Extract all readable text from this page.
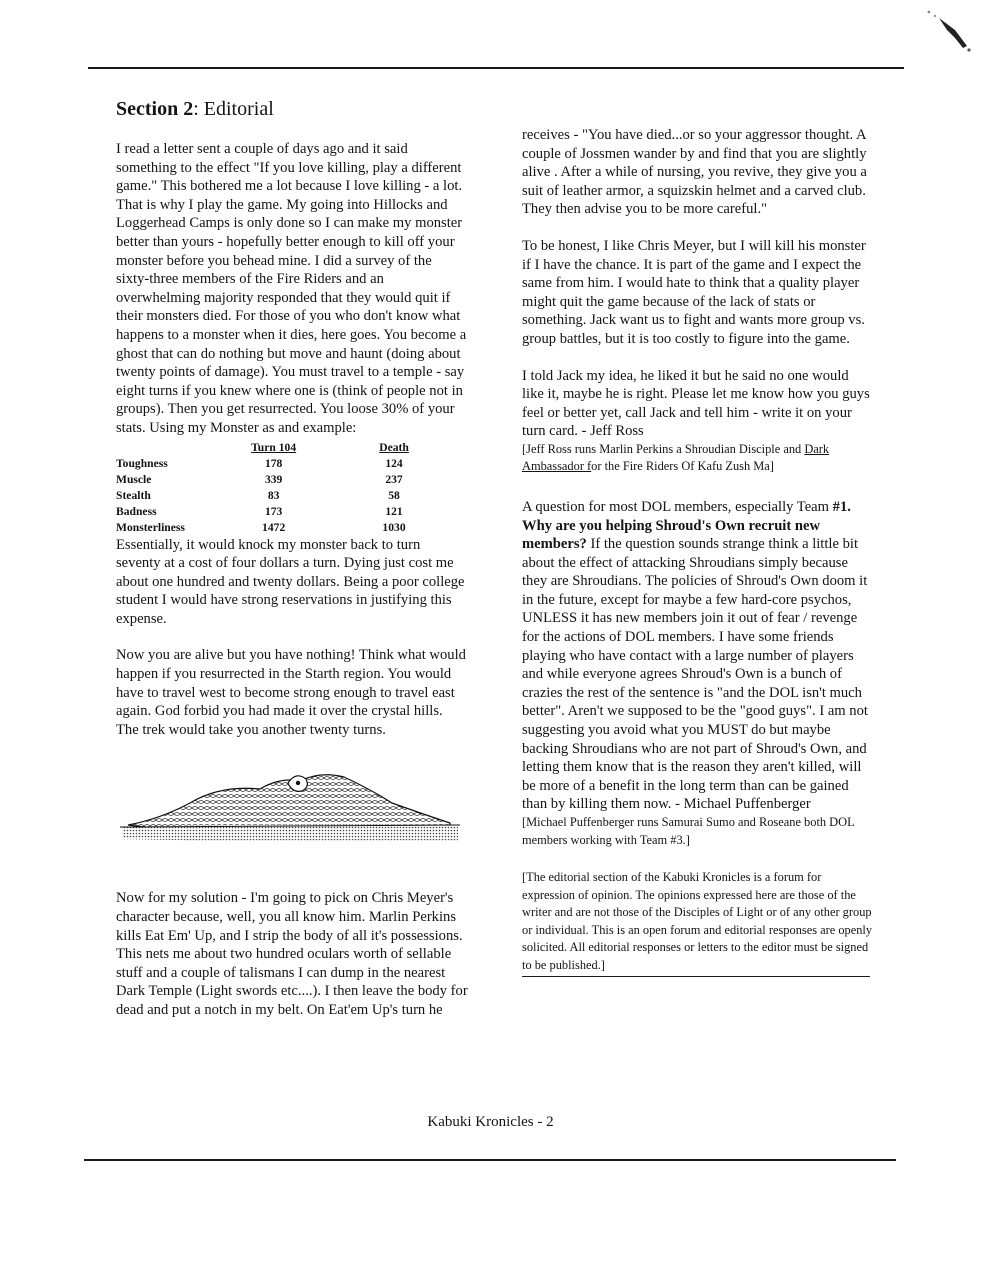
Section 2: Editorial

I read a letter sent a couple of days ago and it said something to the effect "If you love killing, play a different game." This bothered me a lot because I love killing - a lot. That is why I play the game. My going into Hillocks and Loggerhead Camps is only done so I can make my monster better than yours - hopefully better enough to kill off your monster before you behead mine. I did a survey of the sixty-three members of the Fire Riders and an overwhelming majority responded that they would quit if their monsters died. For those of you who don't know what happens to a monster when it dies, here goes. You become a ghost that can do nothing but move and haunt (doing about twenty points of damage). You must travel to a temple - say eight turns if you knew where one is (think of people not in groups). Then you get resurrected. You loose 30% of your stats. Using my Monster as and example:

	Turn 104	Death
Toughness	178	124
Muscle	339	237
Stealth	83	58
Badness	173	121
Monsterliness	1472	1030

Essentially, it would knock my monster back to turn seventy at a cost of four dollars a turn. Dying just cost me about one hundred and twenty dollars. Being a poor college student I would have strong reservations in justifying this expense.

Now you are alive but you have nothing! Think what would happen if you resurrected in the Starth region. You would have to travel west to become strong enough to travel east again. God forbid you had made it over the crystal hills. The trek would take you another twenty turns.

Now for my solution - I'm going to pick on Chris Meyer's character because, well, you all know him. Marlin Perkins kills Eat Em' Up, and I strip the body of all it's possessions. This nets me about two hundred oculars worth of sellable stuff and a couple of talismans I can dump in the nearest Dark Temple (Light swords etc....). I then leave the body for dead and put a notch in my belt. On Eat'em Up's turn he

receives - "You have died...or so your aggressor thought. A couple of Jossmen wander by and find that you are slightly alive . After a while of nursing, you revive, they give you a suit of leather armor, a squizskin helmet and a carved club. They then advise you to be more careful."

To be honest, I like Chris Meyer, but I will kill his monster if I have the chance. It is part of the game and I expect the same from him. I would hate to think that a quality player might quit the game because of the lack of stats or something. Jack want us to fight and wants more group vs. group battles, but it is too costly to figure into the game.

I told Jack my idea, he liked it but he said no one would like it, maybe he is right. Please let me know how you guys feel or better yet, call Jack and tell him - write it on your turn card. - Jeff Ross

[Jeff Ross runs Marlin Perkins a Shroudian Disciple and Dark Ambassador for the Fire Riders Of Kafu Zush Ma]

A question for most DOL members, especially Team #1. Why are you helping Shroud's Own recruit new members? If the question sounds strange think a little bit about the effect of attacking Shroudians simply because they are Shroudians. The policies of Shroud's Own doom it in the future, except for maybe a few hard-core psychos, UNLESS it has new members join it out of fear / revenge for the actions of DOL members. I have some friends playing who have contact with a large number of players and while everyone agrees Shroud's Own is a bunch of crazies the rest of the sentence is "and the DOL isn't much better". Aren't we supposed to be the "good guys". I am not suggesting you avoid what you MUST do but maybe backing Shroudians who are not part of Shroud's Own, and letting them know that is the reason they aren't killed, will be more of a benefit in the long term than can be gained than by killing them now. - Michael Puffenberger

[Michael Puffenberger runs Samurai Sumo and Roseane both DOL members working with Team #3.]

[The editorial section of the Kabuki Kronicles is a forum for expression of opinion. The opinions expressed here are those of the writer and are not those of the Disciples of Light or of any other group or individual. This is an open forum and editorial responses are openly solicited. All editorial responses or letters to the editor must be signed to be published.]

Kabuki Kronicles - 2
